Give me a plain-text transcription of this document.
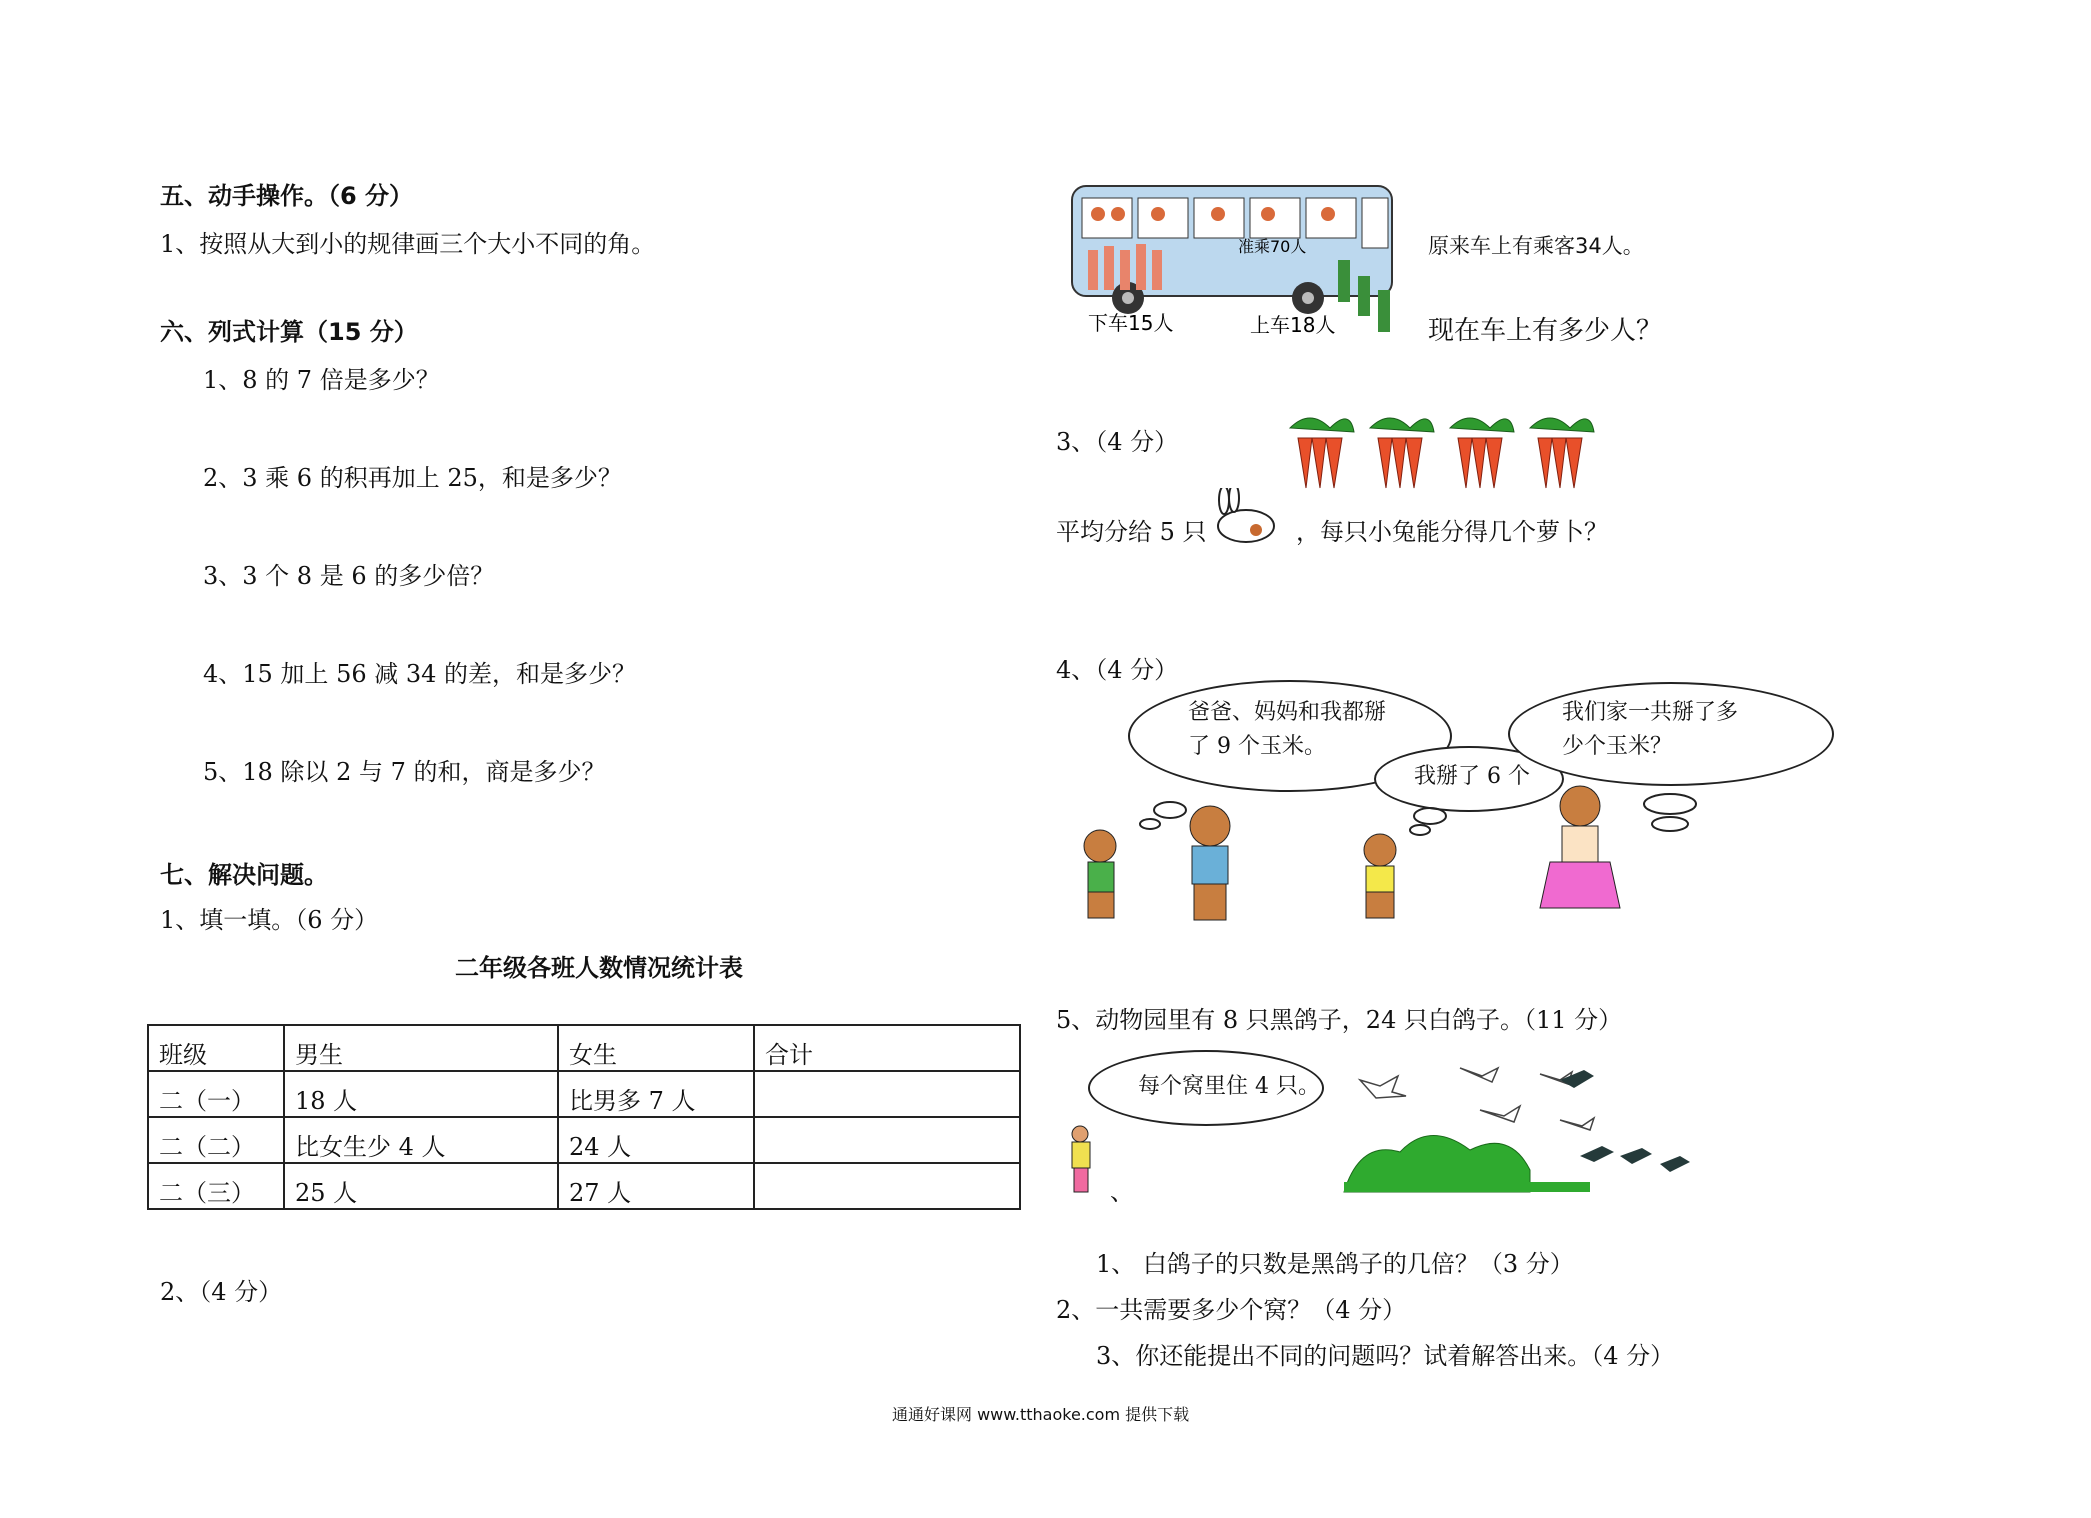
五、动手操作。（6 分）
1、按照从大到小的规律画三个大小不同的角。
六、列式计算（15 分）
1、8 的 7 倍是多少？
2、3 乘 6 的积再加上 25，和是多少？
3、3 个 8 是 6 的多少倍？
4、15 加上 56 减 34 的差，和是多少？
5、18 除以 2 与 7 的和，商是多少？
七、解决问题。
1、填一填。（6 分）
二年级各班人数情况统计表
班级	男生	女生	合计
二（一）	18 人	比男多 7 人	
二（二）	比女生少 4 人	24 人	
二（三）	25 人	27 人	
2、（4 分）
准乘70人
下车15人	上车18人
原来车上有乘客34人。
现在车上有多少人？
3、（4 分）
平均分给 5 只	，每只小兔能分得几个萝卜？
4、（4 分）
爸爸、妈妈和我都掰
了 9 个玉米。
我掰了 6 个
我们家一共掰了多
少个玉米？
5、动物园里有 8 只黑鸽子，24 只白鸽子。（11 分）
每个窝里住 4 只。
、
1、 白鸽子的只数是黑鸽子的几倍？（3 分）
2、一共需要多少个窝？（4 分）
3、你还能提出不同的问题吗？试着解答出来。（4 分）
通通好课网 www.tthaoke.com 提供下载
